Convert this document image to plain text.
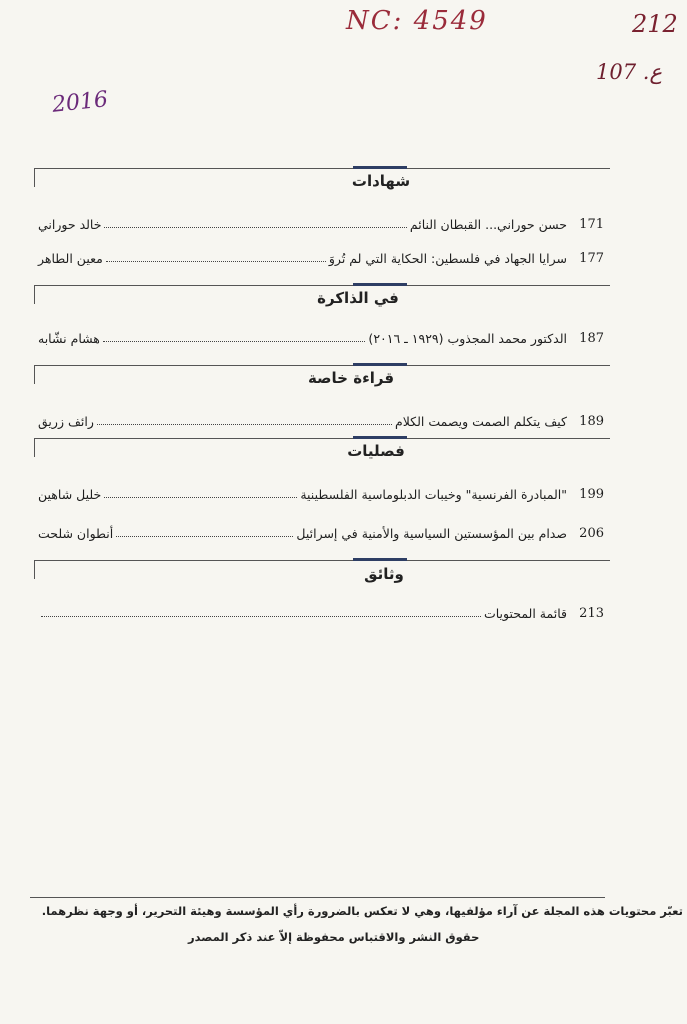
NC: 4549	212
ع. 107
2016
شهادات
171
حسن حوراني... القبطان النائم
خالد حوراني
177
سرايا الجهاد في فلسطين: الحكاية التي لم تُروَ
معين الطاهر
في الذاكرة
187
الدكتور محمد المجذوب (١٩٢٩ ـ ٢٠١٦)
هشام نشّابه
قراءة خاصة
189
كيف يتكلم الصمت ويصمت الكلام
رائف زريق
فصليات
199
"المبادرة الفرنسية" وخيبات الدبلوماسية الفلسطينية
خليل شاهين
206
صدام بين المؤسستين السياسية والأمنية في إسرائيل
أنطوان شلحت
وثائق
213
قائمة المحتويات
تعبّر محتويات هذه المجلة عن آراء مؤلفيها، وهي لا تعكس بالضرورة رأي المؤسسة وهيئة التحرير، أو وجهة نظرهما.
حقوق النشر والاقتباس محفوظة إلاّ عند ذكر المصدر
